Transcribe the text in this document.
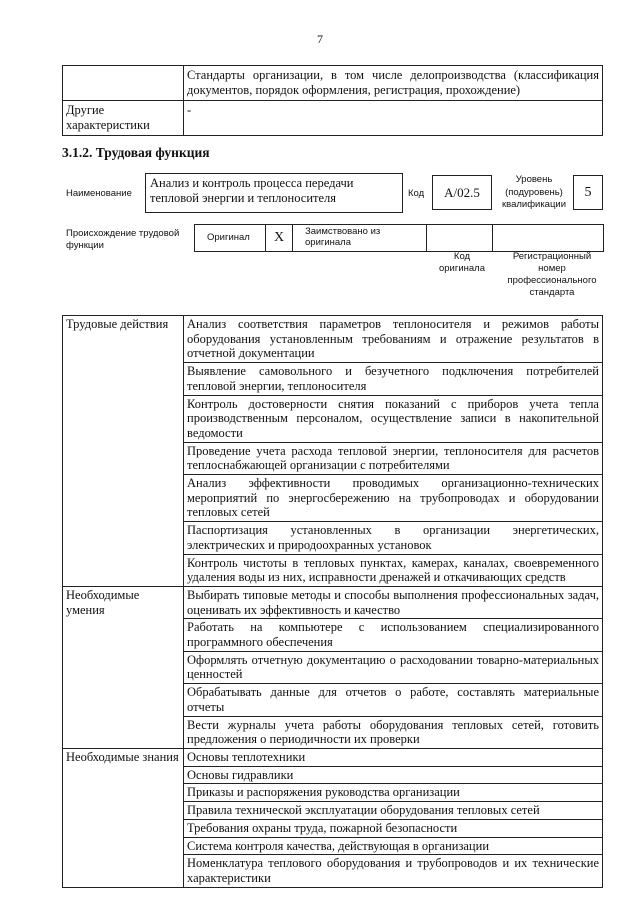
7
	Стандарты организации, в том числе делопроизводства (классификация документов, порядок оформления, регистрация, прохождение)
Другие характеристики	-
3.1.2. Трудовая функция
Наименование
Анализ и контроль процесса передачи тепловой энергии и теплоносителя	Код	A/02.5
Уровень (подуровень) квалификации
5
Происхождение трудовой функции
Оригинал	X	Заимствовано из оригинала		
Код оригинала
Регистрационный номер профессионального стандарта
Трудовые действия	Анализ соответствия параметров теплоносителя и режимов работы оборудования установленным требованиям и отражение результатов в отчетной документации
	Выявление самовольного и безучетного подключения потребителей тепловой энергии, теплоносителя
	Контроль достоверности снятия показаний с приборов учета тепла производственным персоналом, осуществление записи в накопительной ведомости
	Проведение учета расхода тепловой энергии, теплоносителя для расчетов теплоснабжающей организации с потребителями
	Анализ эффективности проводимых организационно-технических мероприятий по энергосбережению на трубопроводах и оборудовании тепловых сетей
	Паспортизация установленных в организации энергетических, электрических и природоохранных установок
	Контроль чистоты в тепловых пунктах, камерах, каналах, своевременного удаления воды из них, исправности дренажей и откачивающих средств
Необходимые умения	Выбирать типовые методы и способы выполнения профессиональных задач, оценивать их эффективность и качество
	Работать на компьютере с использованием специализированного программного обеспечения
	Оформлять отчетную документацию о расходовании товарно-материальных ценностей
	Обрабатывать данные для отчетов о работе, составлять материальные отчеты
	Вести журналы учета работы оборудования тепловых сетей, готовить предложения о периодичности их проверки
Необходимые знания	Основы теплотехники
	Основы гидравлики
	Приказы и распоряжения руководства организации
	Правила технической эксплуатации оборудования тепловых сетей
	Требования охраны труда, пожарной безопасности
	Система контроля качества, действующая в организации
	Номенклатура теплового оборудования и трубопроводов и их технические характеристики
